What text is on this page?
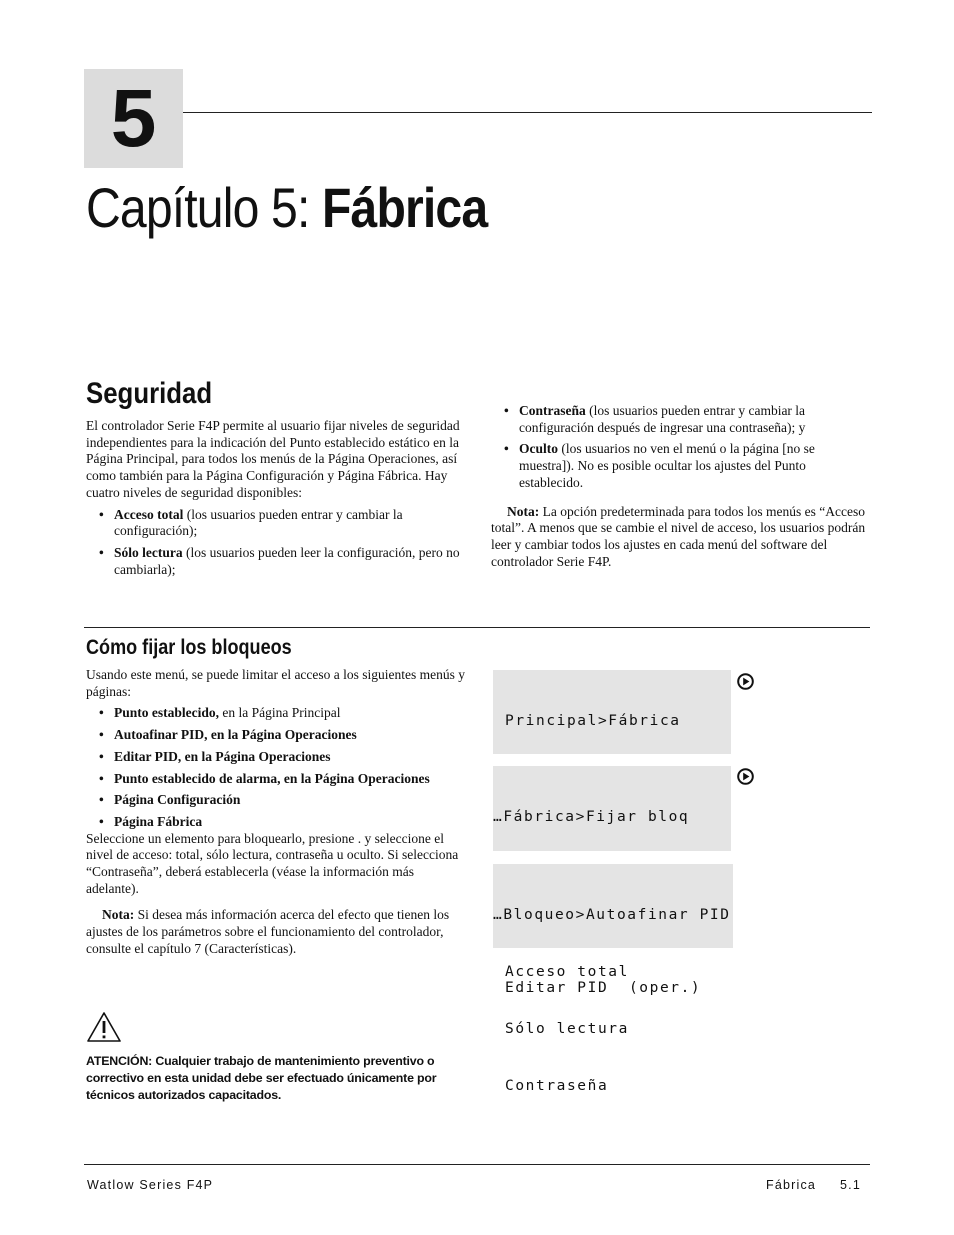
5
Capítulo 5: Fábrica
Seguridad

El controlador Serie F4P permite al usuario fijar niveles de seguridad independientes para la indicación del Punto establecido estático en la Página Principal, para todos los menús de la Página Operaciones, así como también para la Página Configuración y Página Fábrica. Hay cuatro niveles de seguridad disponibles:

• Acceso total (los usuarios pueden entrar y cambiar la configuración);
• Sólo lectura (los usuarios pueden leer la configuración, pero no cambiarla);
• Contraseña (los usuarios pueden entrar y cambiar la configuración después de ingresar una contraseña); y
• Oculto (los usuarios no ven el menú o la página [no se muestra]). No es posible ocultar los ajustes del Punto establecido.

Nota: La opción predeterminada para todos los menús es “Acceso total”. A menos que se cambie el nivel de acceso, los usuarios podrán leer y cambiar todos los ajustes en cada menú del software del controlador Serie F4P.

Cómo fijar los bloqueos

Usando este menú, se puede limitar el acceso a los siguientes menús y páginas:

• Punto establecido, en la Página Principal
• Autoafinar PID, en la Página Operaciones
• Editar PID, en la Página Operaciones
• Punto establecido de alarma, en la Página Operaciones
• Página Configuración
• Página Fábrica

Seleccione un elemento para bloquearlo, presione . y seleccione el nivel de acceso: total, sólo lectura, contraseña u oculto. Si selecciona “Contraseña”, deberá establecerla (véase la información más adelante).

Nota: Si desea más información acerca del efecto que tienen los ajustes de los parámetros sobre el funcionamiento del controlador, consulte el capítulo 7 (Características).

ATENCIÓN: Cualquier trabajo de mantenimiento preventivo o correctivo en esta unidad debe ser efectuado únicamente por técnicos autorizados capacitados.

Principal>Fábrica

…Fábrica>Fijar bloq

Editar PID  (oper.)

…Bloqueo>Autoafinar PID

Acceso total

Sólo lectura

Contraseña

Watlow Series F4P	Fábrica 5.1
